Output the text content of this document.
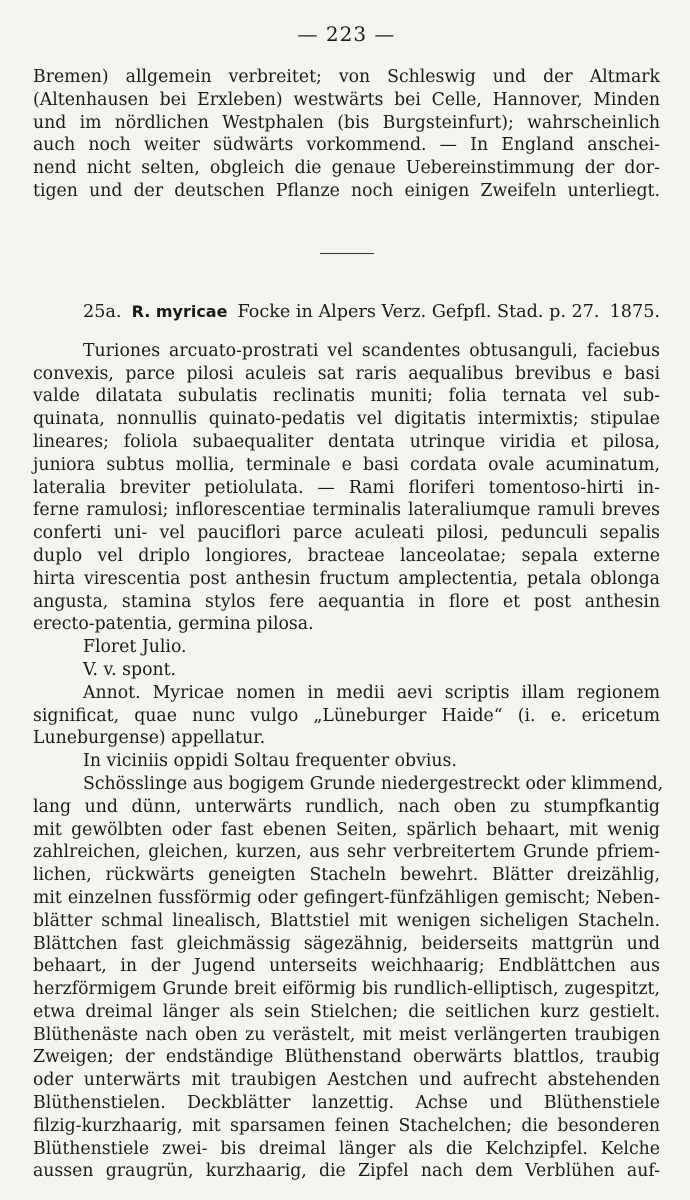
— 223 —
Bremen) allgemein verbreitet; von Schleswig und der Altmark
(Altenhausen bei Erxleben) westwärts bei Celle, Hannover, Minden
und im nördlichen Westphalen (bis Burgsteinfurt); wahrscheinlich
auch noch weiter südwärts vorkommend. — In England anschei-
nend nicht selten, obgleich die genaue Uebereinstimmung der dor-
tigen und der deutschen Pflanze noch einigen Zweifeln unterliegt.
25a. R. myricae Focke in Alpers Verz. Gefpfl. Stad. p. 27. 1875.
Turiones arcuato-prostrati vel scandentes obtusanguli, faciebus
convexis, parce pilosi aculeis sat raris aequalibus brevibus e basi
valde dilatata subulatis reclinatis muniti; folia ternata vel sub-
quinata, nonnullis quinato-pedatis vel digitatis intermixtis; stipulae
lineares; foliola subaequaliter dentata utrinque viridia et pilosa,
juniora subtus mollia, terminale e basi cordata ovale acuminatum,
lateralia breviter petiolulata. — Rami floriferi tomentoso-hirti in-
ferne ramulosi; inflorescentiae terminalis lateraliumque ramuli breves
conferti uni- vel pauciflori parce aculeati pilosi, pedunculi sepalis
duplo vel driplo longiores, bracteae lanceolatae; sepala externe
hirta virescentia post anthesin fructum amplectentia, petala oblonga
angusta, stamina stylos fere aequantia in flore et post anthesin
erecto-patentia, germina pilosa.
Floret Julio.
V. v. spont.
Annot. Myricae nomen in medii aevi scriptis illam regionem
significat, quae nunc vulgo „Lüneburger Haide“ (i. e. ericetum
Luneburgense) appellatur.
In viciniis oppidi Soltau frequenter obvius.
Schösslinge aus bogigem Grunde niedergestreckt oder klimmend,
lang und dünn, unterwärts rundlich, nach oben zu stumpfkantig
mit gewölbten oder fast ebenen Seiten, spärlich behaart, mit wenig
zahlreichen, gleichen, kurzen, aus sehr verbreitertem Grunde pfriem-
lichen, rückwärts geneigten Stacheln bewehrt. Blätter dreizählig,
mit einzelnen fussförmig oder gefingert-fünfzähligen gemischt; Neben-
blätter schmal linealisch, Blattstiel mit wenigen sicheligen Stacheln.
Blättchen fast gleichmässig sägezähnig, beiderseits mattgrün und
behaart, in der Jugend unterseits weichhaarig; Endblättchen aus
herzförmigem Grunde breit eiförmig bis rundlich-elliptisch, zugespitzt,
etwa dreimal länger als sein Stielchen; die seitlichen kurz gestielt.
Blüthenäste nach oben zu verästelt, mit meist verlängerten traubigen
Zweigen; der endständige Blüthenstand oberwärts blattlos, traubig
oder unterwärts mit traubigen Aestchen und aufrecht abstehenden
Blüthenstielen. Deckblätter lanzettig. Achse und Blüthenstiele
filzig-kurzhaarig, mit sparsamen feinen Stachelchen; die besonderen
Blüthenstiele zwei- bis dreimal länger als die Kelchzipfel. Kelche
aussen graugrün, kurzhaarig, die Zipfel nach dem Verblühen auf-
